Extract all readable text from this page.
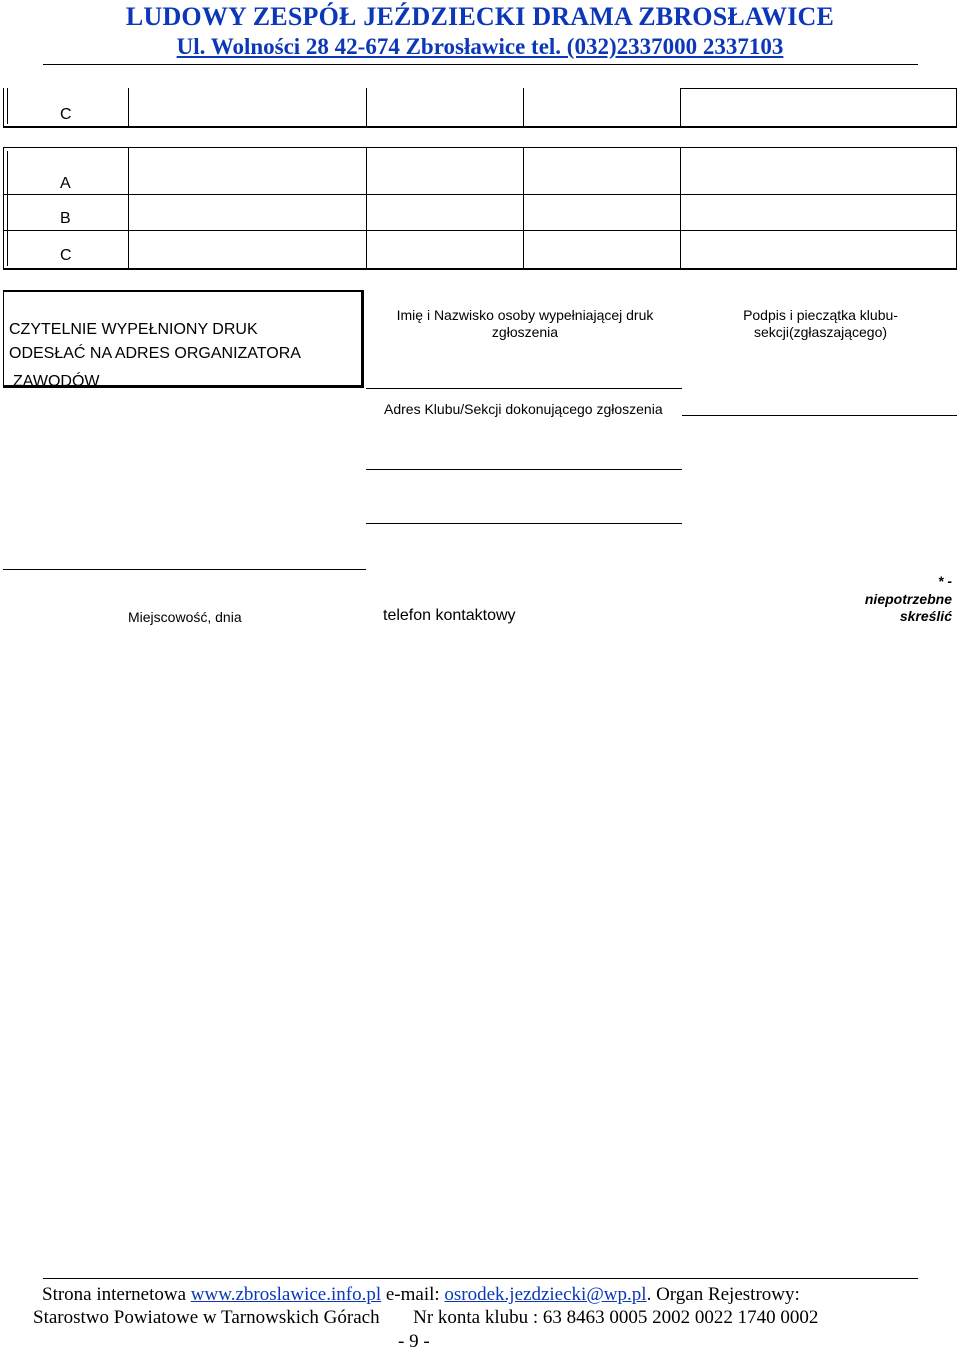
LUDOWY ZESPÓŁ JEŹDZIECKI DRAMA ZBROSŁAWICE
Ul. Wolności 28 42-674 Zbrosławice tel. (032)2337000 2337103
C
A
B
C
CZYTELNIE WYPEŁNIONY DRUK
ODESŁAĆ NA ADRES ORGANIZATORA
ZAWODÓW
Imię i Nazwisko osoby wypełniającej druk zgłoszenia
Podpis i pieczątka klubu-sekcji(zgłaszającego)
Adres Klubu/Sekcji dokonującego zgłoszenia
Miejscowość, dnia	telefon kontaktowy
* -
niepotrzebne
skreślić
Strona internetowa www.zbroslawice.info.pl e-mail: osrodek.jezdziecki@wp.pl. Organ Rejestrowy:
Starostwo Powiatowe w Tarnowskich Górach Nr konta klubu : 63 8463 0005 2002 0022 1740 0002
- 9 -
